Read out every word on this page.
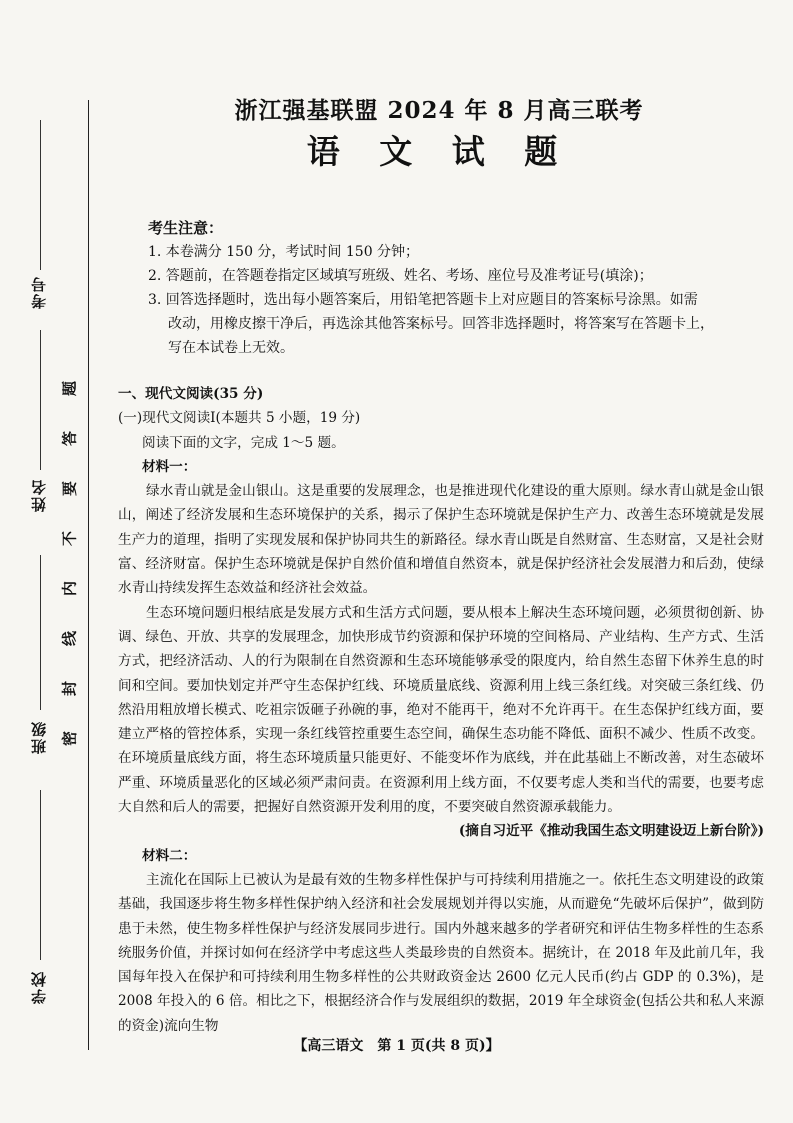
考号
姓名
班级
学校
题
答
要
不
内
线
封
密
浙江强基联盟 2024 年 8 月高三联考
语 文 试 题
考生注意：
1. 本卷满分 150 分，考试时间 150 分钟；
2. 答题前，在答题卷指定区域填写班级、姓名、考场、座位号及准考证号(填涂)；
3. 回答选择题时，选出每小题答案后，用铅笔把答题卡上对应题目的答案标号涂黑。如需
改动，用橡皮擦干净后，再选涂其他答案标号。回答非选择题时，将答案写在答题卡上，
写在本试卷上无效。
一、现代文阅读(35 分)
(一)现代文阅读Ⅰ(本题共 5 小题，19 分)
阅读下面的文字，完成 1～5 题。
材料一：
绿水青山就是金山银山。这是重要的发展理念，也是推进现代化建设的重大原则。绿水青山就是金山银山，阐述了经济发展和生态环境保护的关系，揭示了保护生态环境就是保护生产力、改善生态环境就是发展生产力的道理，指明了实现发展和保护协同共生的新路径。绿水青山既是自然财富、生态财富，又是社会财富、经济财富。保护生态环境就是保护自然价值和增值自然资本，就是保护经济社会发展潜力和后劲，使绿水青山持续发挥生态效益和经济社会效益。
生态环境问题归根结底是发展方式和生活方式问题，要从根本上解决生态环境问题，必须贯彻创新、协调、绿色、开放、共享的发展理念，加快形成节约资源和保护环境的空间格局、产业结构、生产方式、生活方式，把经济活动、人的行为限制在自然资源和生态环境能够承受的限度内，给自然生态留下休养生息的时间和空间。要加快划定并严守生态保护红线、环境质量底线、资源利用上线三条红线。对突破三条红线、仍然沿用粗放增长模式、吃祖宗饭砸子孙碗的事，绝对不能再干，绝对不允许再干。在生态保护红线方面，要建立严格的管控体系，实现一条红线管控重要生态空间，确保生态功能不降低、面积不减少、性质不改变。在环境质量底线方面，将生态环境质量只能更好、不能变坏作为底线，并在此基础上不断改善，对生态破坏严重、环境质量恶化的区域必须严肃问责。在资源利用上线方面，不仅要考虑人类和当代的需要，也要考虑大自然和后人的需要，把握好自然资源开发利用的度，不要突破自然资源承载能力。
(摘自习近平《推动我国生态文明建设迈上新台阶》)
材料二：
主流化在国际上已被认为是最有效的生物多样性保护与可持续利用措施之一。依托生态文明建设的政策基础，我国逐步将生物多样性保护纳入经济和社会发展规划并得以实施，从而避免“先破坏后保护”，做到防患于未然，使生物多样性保护与经济发展同步进行。国内外越来越多的学者研究和评估生物多样性的生态系统服务价值，并探讨如何在经济学中考虑这些人类最珍贵的自然资本。据统计，在 2018 年及此前几年，我国每年投入在保护和可持续利用生物多样性的公共财政资金达 2600 亿元人民币(约占 GDP 的 0.3%)，是 2008 年投入的 6 倍。相比之下，根据经济合作与发展组织的数据，2019 年全球资金(包括公共和私人来源的资金)流向生物
【高三语文　第 1 页(共 8 页)】
